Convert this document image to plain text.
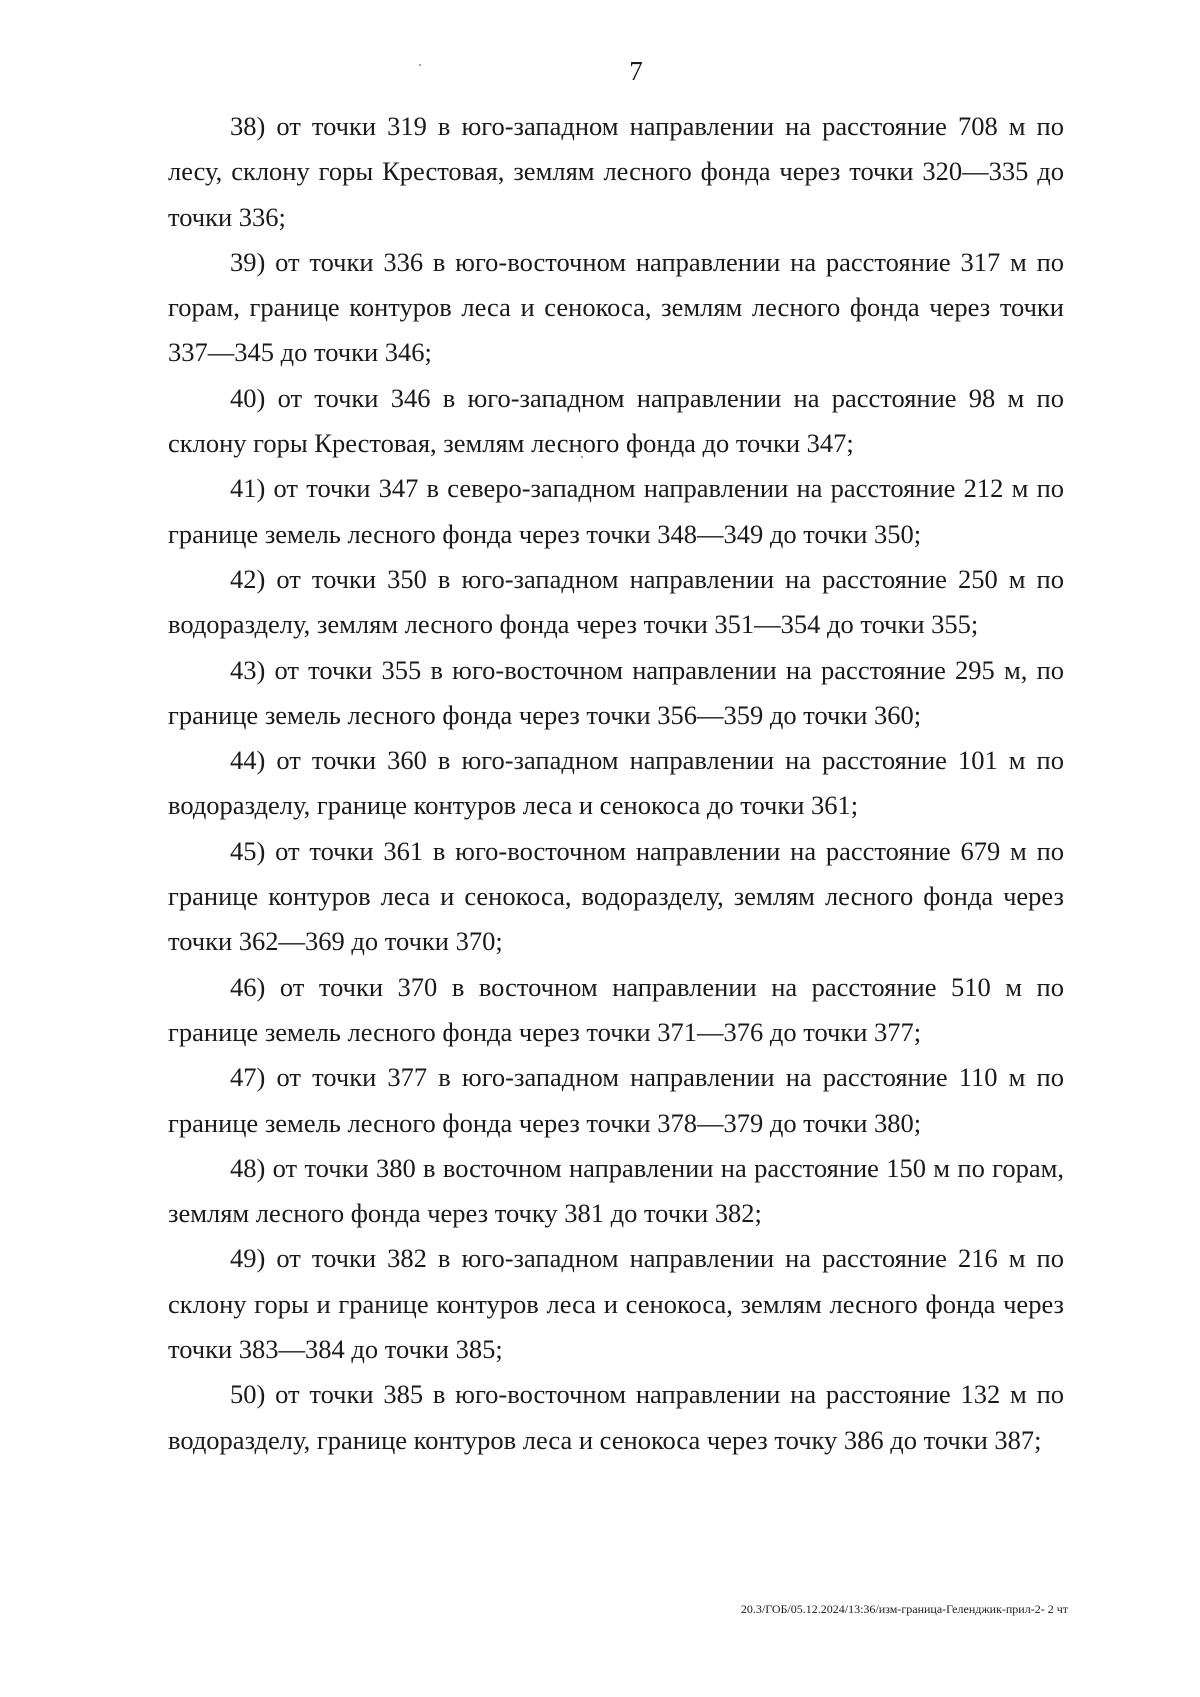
7

38) от точки 319 в юго-западном направлении на расстояние 708 м по лесу, склону горы Крестовая, землям лесного фонда через точки 320—335 до точки 336;

39) от точки 336 в юго-восточном направлении на расстояние 317 м по горам, границе контуров леса и сенокоса, землям лесного фонда через точки 337—345 до точки 346;

40) от точки 346 в юго-западном направлении на расстояние 98 м по склону горы Крестовая, землям лесного фонда до точки 347;

41) от точки 347 в северо-западном направлении на расстояние 212 м по границе земель лесного фонда через точки 348—349 до точки 350;

42) от точки 350 в юго-западном направлении на расстояние 250 м по водоразделу, землям лесного фонда через точки 351—354 до точки 355;

43) от точки 355 в юго-восточном направлении на расстояние 295 м, по границе земель лесного фонда через точки 356—359 до точки 360;

44) от точки 360 в юго-западном направлении на расстояние 101 м по водоразделу, границе контуров леса и сенокоса до точки 361;

45) от точки 361 в юго-восточном направлении на расстояние 679 м по границе контуров леса и сенокоса, водоразделу, землям лесного фонда через точки 362—369 до точки 370;

46) от точки 370 в восточном направлении на расстояние 510 м по границе земель лесного фонда через точки 371—376 до точки 377;

47) от точки 377 в юго-западном направлении на расстояние 110 м по границе земель лесного фонда через точки 378—379 до точки 380;

48) от точки 380 в восточном направлении на расстояние 150 м по горам, землям лесного фонда через точку 381 до точки 382;

49) от точки 382 в юго-западном направлении на расстояние 216 м по склону горы и границе контуров леса и сенокоса, землям лесного фонда через точки 383—384 до точки 385;

50) от точки 385 в юго-восточном направлении на расстояние 132 м по водоразделу, границе контуров леса и сенокоса через точку 386 до точки 387;

20.3/ГОБ/05.12.2024/13:36/изм-граница-Геленджик-прил-2- 2 чт
